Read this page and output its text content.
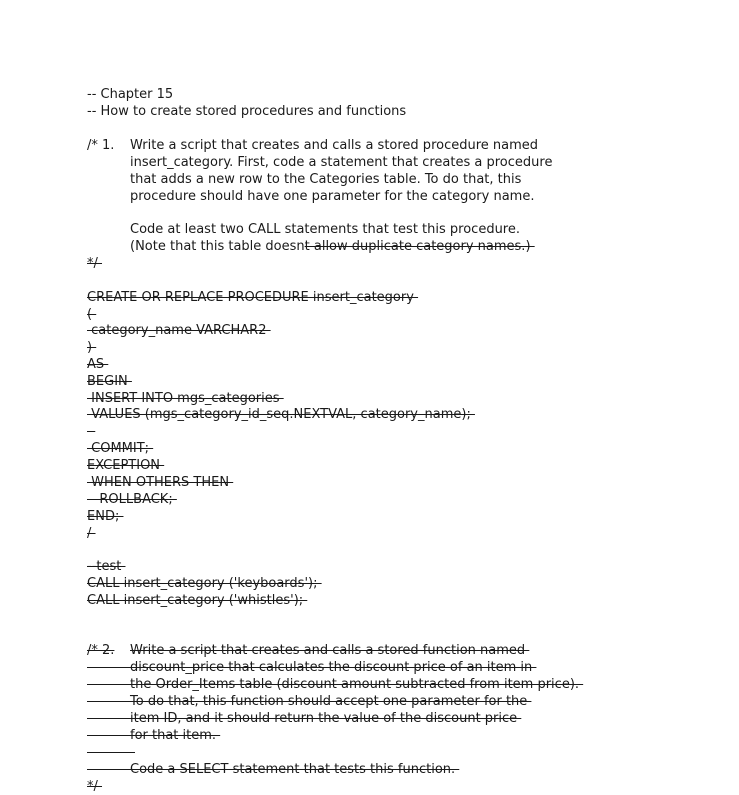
-- Chapter 15
-- How to create stored procedures and functions
/* 1. Write a script that creates and calls a stored procedure named
insert_category. First, code a statement that creates a procedure
that adds a new row to the Categories table. To do that, this
procedure should have one parameter for the category name.
Code at least two CALL statements that test this procedure.
(Note that this table doesnt allow duplicate category names.)
*/
CREATE OR REPLACE PROCEDURE insert_category
(
category_name VARCHAR2
)
AS
BEGIN
INSERT INTO mgs_categories
VALUES (mgs_category_id_seq.NEXTVAL, category_name);

COMMIT;
EXCEPTION
WHEN OTHERS THEN
ROLLBACK;
END;
/
--test
CALL insert_category ('keyboards');
CALL insert_category ('whistles');
/* 2. Write a script that creates and calls a stored function named
discount_price that calculates the discount price of an item in
the Order_Items table (discount amount subtracted from item price).
To do that, this function should accept one parameter for the
item ID, and it should return the value of the discount price
for that item.
Code a SELECT statement that tests this function.
*/
